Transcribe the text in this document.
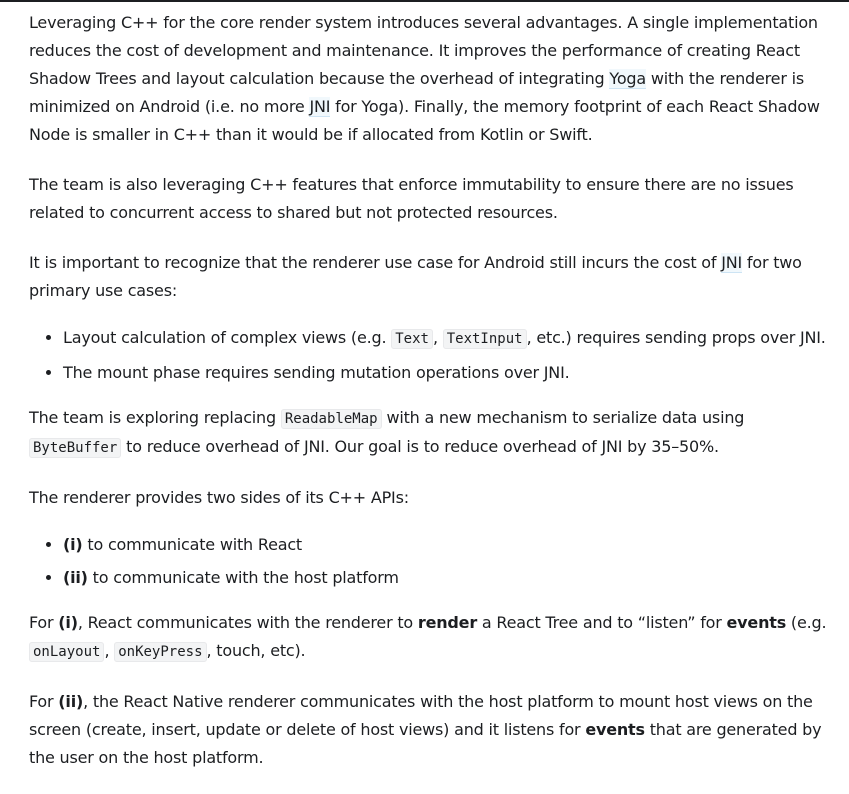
Leveraging C++ for the core render system introduces several advantages. A single implementation reduces the cost of development and maintenance. It improves the performance of creating React Shadow Trees and layout calculation because the overhead of integrating Yoga with the renderer is minimized on Android (i.e. no more JNI for Yoga). Finally, the memory footprint of each React Shadow Node is smaller in C++ than it would be if allocated from Kotlin or Swift.

The team is also leveraging C++ features that enforce immutability to ensure there are no issues related to concurrent access to shared but not protected resources.

It is important to recognize that the renderer use case for Android still incurs the cost of JNI for two primary use cases:

• Layout calculation of complex views (e.g. Text , TextInput , etc.) requires sending props over JNI.
• The mount phase requires sending mutation operations over JNI.

The team is exploring replacing ReadableMap with a new mechanism to serialize data using ByteBuffer to reduce overhead of JNI. Our goal is to reduce overhead of JNI by 35–50%.

The renderer provides two sides of its C++ APIs:

• (i) to communicate with React
• (ii) to communicate with the host platform

For (i), React communicates with the renderer to render a React Tree and to “listen” for events (e.g. onLayout , onKeyPress , touch, etc).

For (ii), the React Native renderer communicates with the host platform to mount host views on the screen (create, insert, update or delete of host views) and it listens for events that are generated by the user on the host platform.
